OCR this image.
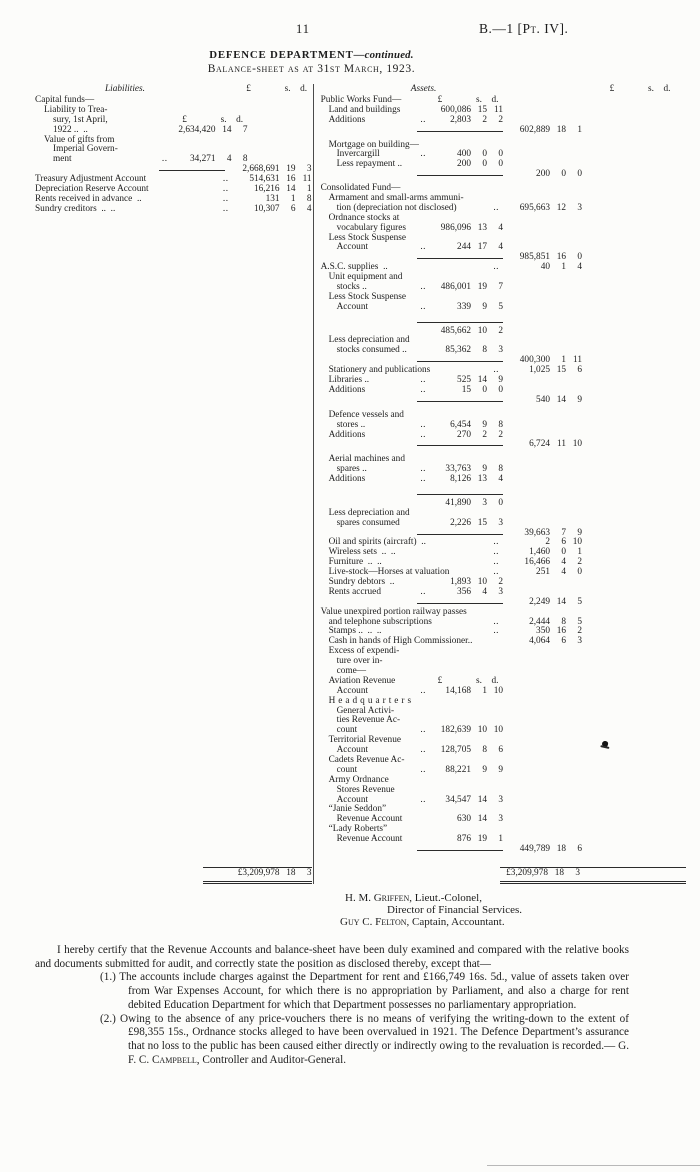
11	B.—1 [Pt. IV].
DEFENCE DEPARTMENT—continued.
Balance-sheet as at 31st March, 1923.
Liabilities.	£	s.	d.
Capital funds—
Liability to Trea-
sury, 1st April,	£	s.	d.
1922 .. ..	2,634,420 14	7
Value of gifts from
Imperial Govern-
ment	..	34,271	4	8
2,668,691 19	3
Treasury Adjustment Account	..	514,631 16 11
Depreciation Reserve Account	..	16,216 14	1
Rents received in advance ..	..	131	1	8
Sundry creditors .. ..	..	10,307	6	4
£3,209,978 18	3
Assets.	£	s.	d.
Public Works Fund—	£	s.	d.
Land and buildings	600,086 15 11
Additions	..	2,803	2	2
602,889 18	1
Mortgage on building—
Invercargill	..	400	0	0
Less repayment ..	200	0	0
200	0	0
Consolidated Fund—
Armament and small-arms ammuni-
tion (depreciation not disclosed)	..	695,663 12	3
Ordnance stocks at
vocabulary figures	986,096 13	4
Less Stock Suspense
Account	..	244 17	4
985,851 16	0
A.S.C. supplies ..	..	40	1	4
Unit equipment and
stocks ..	..	486,001 19	7
Less Stock Suspense
Account	..	339	9	5
485,662 10	2
Less depreciation and
stocks consumed ..	85,362	8	3
400,300	1 11
Stationery and publications	..	1,025 15	6
Libraries ..	..	525 14	9
Additions	..	15	0	0
540 14	9
Defence vessels and
stores ..	..	6,454	9	8
Additions	..	270	2	2
6,724 11 10
Aerial machines and
spares ..	..	33,763	9	8
Additions	..	8,126 13	4
41,890	3	0
Less depreciation and
spares consumed	2,226 15	3
39,663	7	9
Oil and spirits (aircraft) ..	..	2	6 10
Wireless sets .. ..	..	1,460	0	1
Furniture .. ..	..	16,466	4	2
Live-stock—Horses at valuation	..	251	4	0
Sundry debtors ..	1,893 10	2
Rents accrued	..	356	4	3
2,249 14	5
Value unexpired portion railway passes
and telephone subscriptions	..	2,444	8	5
Stamps .. .. ..	..	350 16	2
Cash in hands of High Commissioner..	4,064	6	3
Excess of expendi-
ture over in-
come—
Aviation Revenue	£	s.	d.
Account	..	14,168	1 10
Headquarters
General Activi-
ties Revenue Ac-
count	..	182,639 10 10
Territorial Revenue
Account	..	128,705	8	6
Cadets Revenue Ac-
count	..	88,221	9	9
Army Ordnance
Stores Revenue
Account	..	34,547 14	3
“Janie Seddon”
Revenue Account	630 14	3
“Lady Roberts”
Revenue Account	876 19	1
449,789 18	6
£3,209,978 18	3
H. M. Griffen, Lieut.-Colonel,
Director of Financial Services.
Guy C. Felton, Captain, Accountant.
I hereby certify that the Revenue Accounts and balance-sheet have been duly examined and compared with the relative books and documents submitted for audit, and correctly state the position as disclosed thereby, except that—
(1.) The accounts include charges against the Department for rent and £166,749 16s. 5d., value of assets taken over from War Expenses Account, for which there is no appropriation by Parliament, and also a charge for rent debited Education Department for which that Department possesses no parliamentary appropriation.
(2.) Owing to the absence of any price-vouchers there is no means of verifying the writing-down to the extent of £98,355 15s., Ordnance stocks alleged to have been overvalued in 1921. The Defence Department’s assurance that no loss to the public has been caused either directly or indirectly owing to the revaluation is recorded.— G. F. C. Campbell, Controller and Auditor-General.
